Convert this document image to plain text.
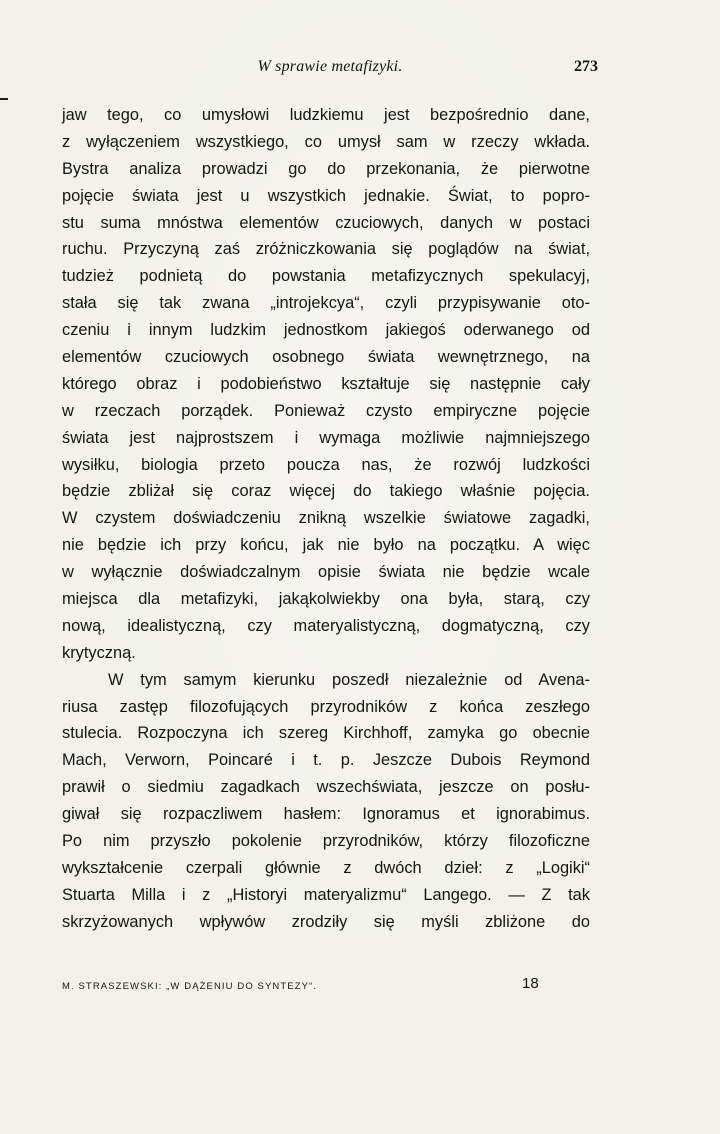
W sprawie metafizyki.	273
jaw tego, co umysłowi ludzkiemu jest bezpośrednio dane,
z wyłączeniem wszystkiego, co umysł sam w rzeczy wkłada.
Bystra analiza prowadzi go do przekonania, że pierwotne
pojęcie świata jest u wszystkich jednakie. Świat, to popro-
stu suma mnóstwa elementów czuciowych, danych w postaci
ruchu. Przyczyną zaś zróżniczkowania się poglądów na świat,
tudzież podnietą do powstania metafizycznych spekulacyj,
stała się tak zwana „introjekcya“, czyli przypisywanie oto-
czeniu i innym ludzkim jednostkom jakiegoś oderwanego od
elementów czuciowych osobnego świata wewnętrznego, na
którego obraz i podobieństwo kształtuje się następnie cały
w rzeczach porządek. Ponieważ czysto empiryczne pojęcie
świata jest najprostszem i wymaga możliwie najmniejszego
wysiłku, biologia przeto poucza nas, że rozwój ludzkości
będzie zbliżał się coraz więcej do takiego właśnie pojęcia.
W czystem doświadczeniu znikną wszelkie światowe zagadki,
nie będzie ich przy końcu, jak nie było na początku. A więc
w wyłącznie doświadczalnym opisie świata nie będzie wcale
miejsca dla metafizyki, jakąkolwiekby ona była, starą, czy
nową, idealistyczną, czy materyalistyczną, dogmatyczną, czy
krytyczną.
W tym samym kierunku poszedł niezależnie od Avena-
riusa zastęp filozofujących przyrodników z końca zeszłego
stulecia. Rozpoczyna ich szereg Kirchhoff, zamyka go obecnie
Mach, Verworn, Poincaré i t. p. Jeszcze Dubois Reymond
prawił o siedmiu zagadkach wszechświata, jeszcze on posłu-
giwał się rozpaczliwem hasłem: Ignoramus et ignorabimus.
Po nim przyszło pokolenie przyrodników, którzy filozoficzne
wykształcenie czerpali głównie z dwóch dzieł: z „Logiki“
Stuarta Milla i z „Historyi materyalizmu“ Langego. — Z tak
skrzyżowanych wpływów zrodziły się myśli zbliżone do
M. STRASZEWSKI: „W DĄŻENIU DO SYNTEZY“.	18
